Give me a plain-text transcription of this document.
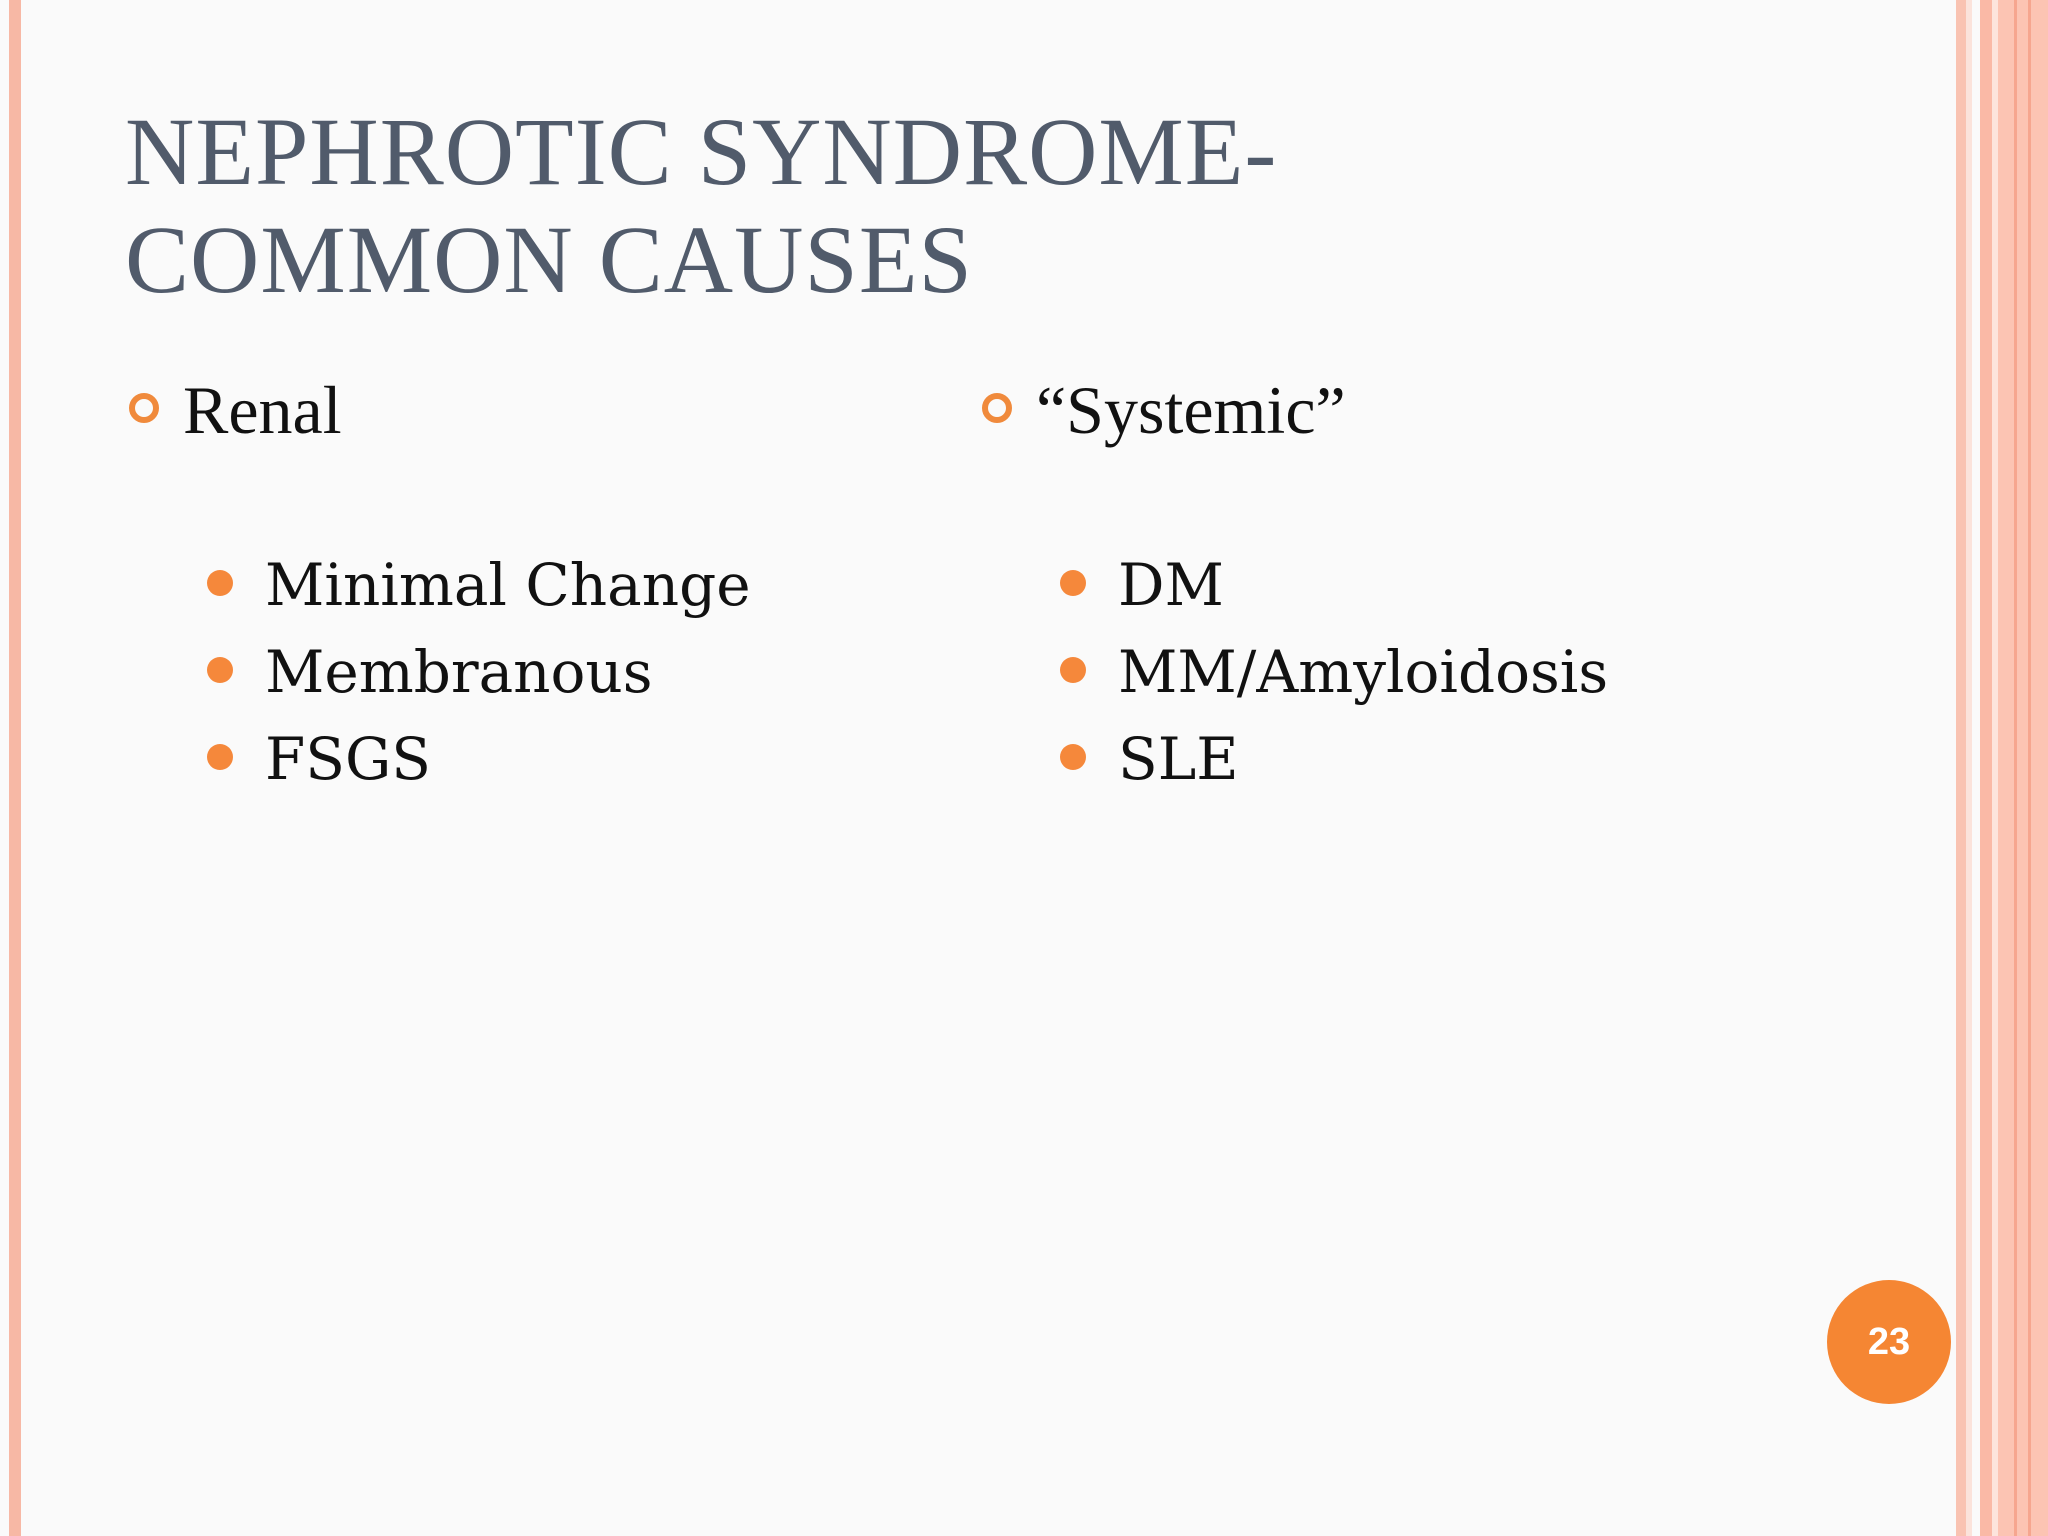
NEPHROTIC SYNDROME-
COMMON CAUSES
Renal
Minimal Change
Membranous
FSGS
“Systemic”
DM
MM/Amyloidosis
SLE
23
